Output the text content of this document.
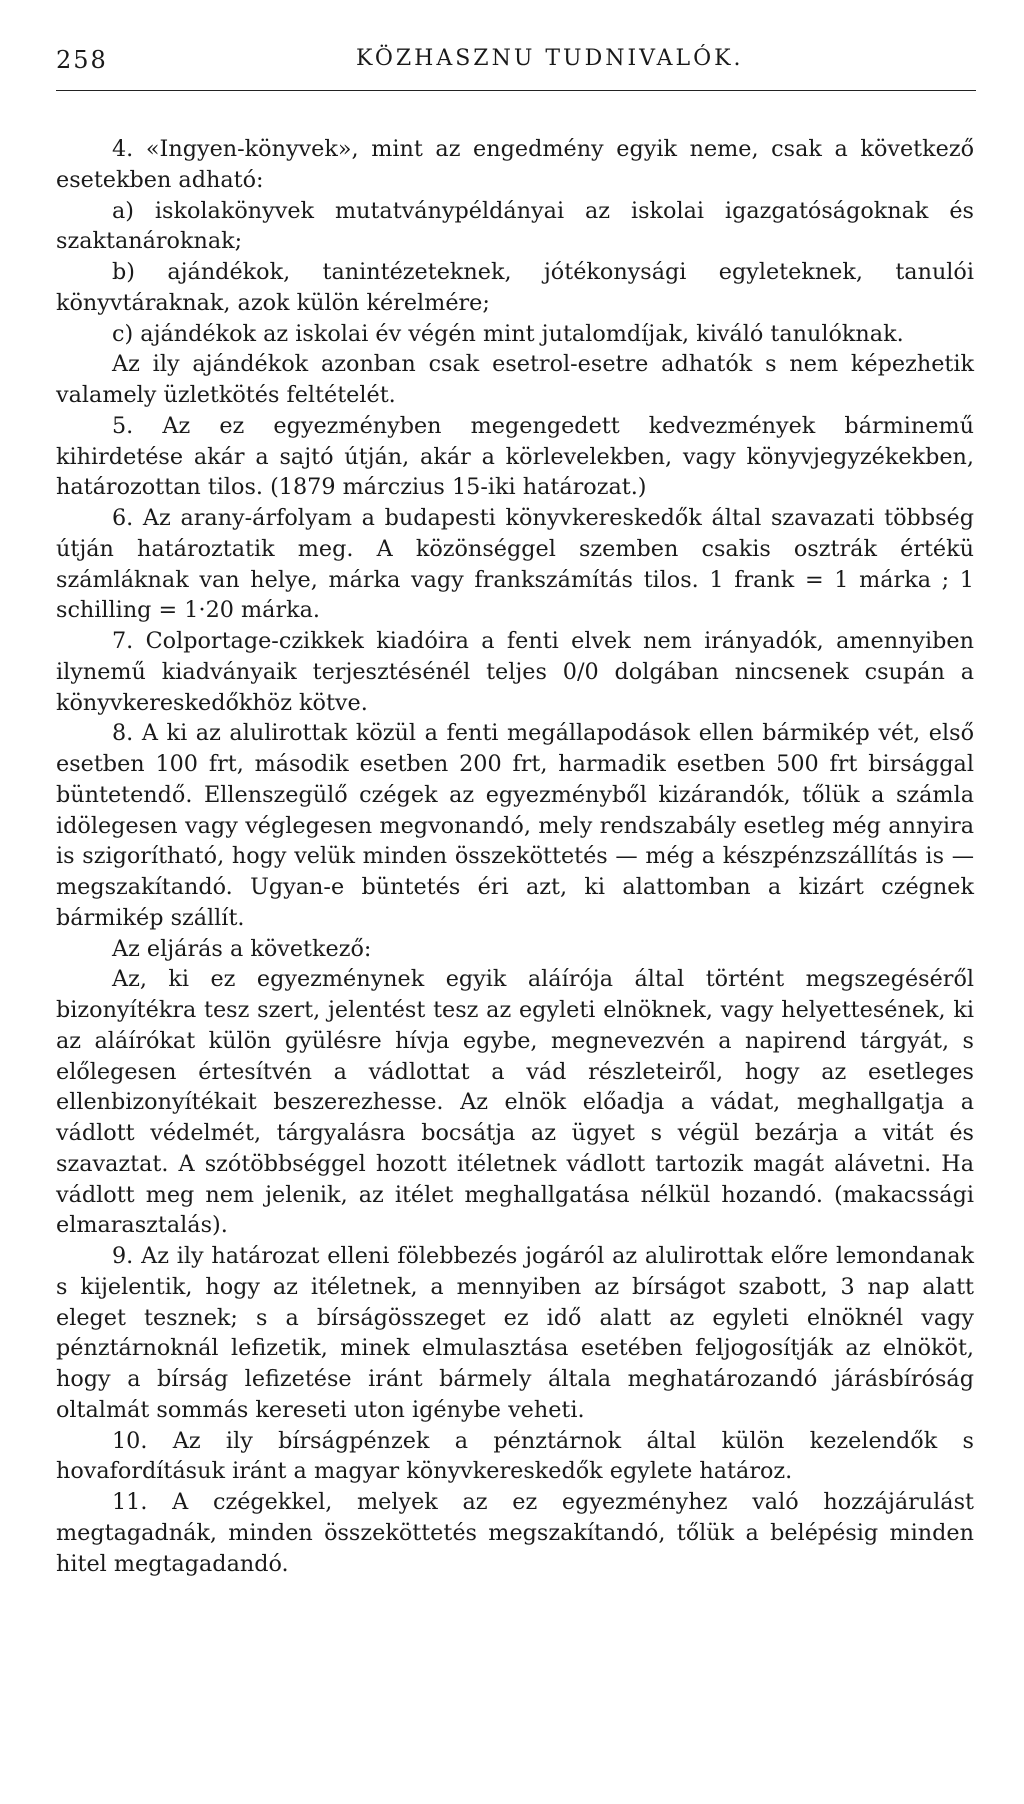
258	KÖZHASZNU TUDNIVALÓK.

4. «Ingyen-könyvek», mint az engedmény egyik neme, csak a következő esetekben adható:

a) iskolakönyvek mutatványpéldányai az iskolai igazgatóságoknak és szaktanároknak;

b) ajándékok, tanintézeteknek, jótékonysági egyleteknek, tanulói könyvtáraknak, azok külön kérelmére;

c) ajándékok az iskolai év végén mint jutalomdíjak, kiváló tanulóknak.

Az ily ajándékok azonban csak esetrol-esetre adhatók s nem képezhetik valamely üzletkötés feltételét.

5. Az ez egyezményben megengedett kedvezmények bárminemű kihirdetése akár a sajtó útján, akár a körlevelekben, vagy könyvjegyzékekben, határozottan tilos. (1879 márczius 15-iki határozat.)

6. Az arany-árfolyam a budapesti könyvkereskedők által szavazati többség útján határoztatik meg. A közönséggel szemben csakis osztrák értékü számláknak van helye, márka vagy frankszámítás tilos. 1 frank = 1 márka ; 1 schilling = 1·20 márka.

7. Colportage-czikkek kiadóira a fenti elvek nem irányadók, amennyiben ilynemű kiadványaik terjesztésénél teljes 0/0 dolgában nincsenek csupán a könyvkereskedőkhöz kötve.

8. A ki az alulirottak közül a fenti megállapodások ellen bármikép vét, első esetben 100 frt, második esetben 200 frt, harmadik esetben 500 frt birsággal büntetendő. Ellenszegülő czégek az egyezményből kizárandók, tőlük a számla idölegesen vagy véglegesen megvonandó, mely rendszabály esetleg még annyira is szigorítható, hogy velük minden összeköttetés — még a készpénzszállítás is — megszakítandó. Ugyan-e büntetés éri azt, ki alattomban a kizárt czégnek bármikép szállít.

Az eljárás a következő:

Az, ki ez egyezménynek egyik aláírója által történt megszegéséről bizonyítékra tesz szert, jelentést tesz az egyleti elnöknek, vagy helyettesének, ki az aláírókat külön gyülésre hívja egybe, megnevezvén a napirend tárgyát, s előlegesen értesítvén a vádlottat a vád részleteiről, hogy az esetleges ellenbizonyítékait beszerezhesse. Az elnök előadja a vádat, meghallgatja a vádlott védelmét, tárgyalásra bocsátja az ügyet s végül bezárja a vitát és szavaztat. A szótöbbséggel hozott itéletnek vádlott tartozik magát alávetni. Ha vádlott meg nem jelenik, az itélet meghallgatása nélkül hozandó. (makacssági elmarasztalás).

9. Az ily határozat elleni fölebbezés jogáról az alulirottak előre lemondanak s kijelentik, hogy az itéletnek, a mennyiben az bírságot szabott, 3 nap alatt eleget tesznek; s a bírságösszeget ez idő alatt az egyleti elnöknél vagy pénztárnoknál lefizetik, minek elmulasztása esetében feljogosítják az elnököt, hogy a bírság lefizetése iránt bármely általa meghatározandó járásbíróság oltalmát sommás kereseti uton igénybe veheti.

10. Az ily bírságpénzek a pénztárnok által külön kezelendők s hovafordításuk iránt a magyar könyvkereskedők egylete határoz.

11. A czégekkel, melyek az ez egyezményhez való hozzájárulást megtagadnák, minden összeköttetés megszakítandó, tőlük a belépésig minden hitel megtagadandó.
